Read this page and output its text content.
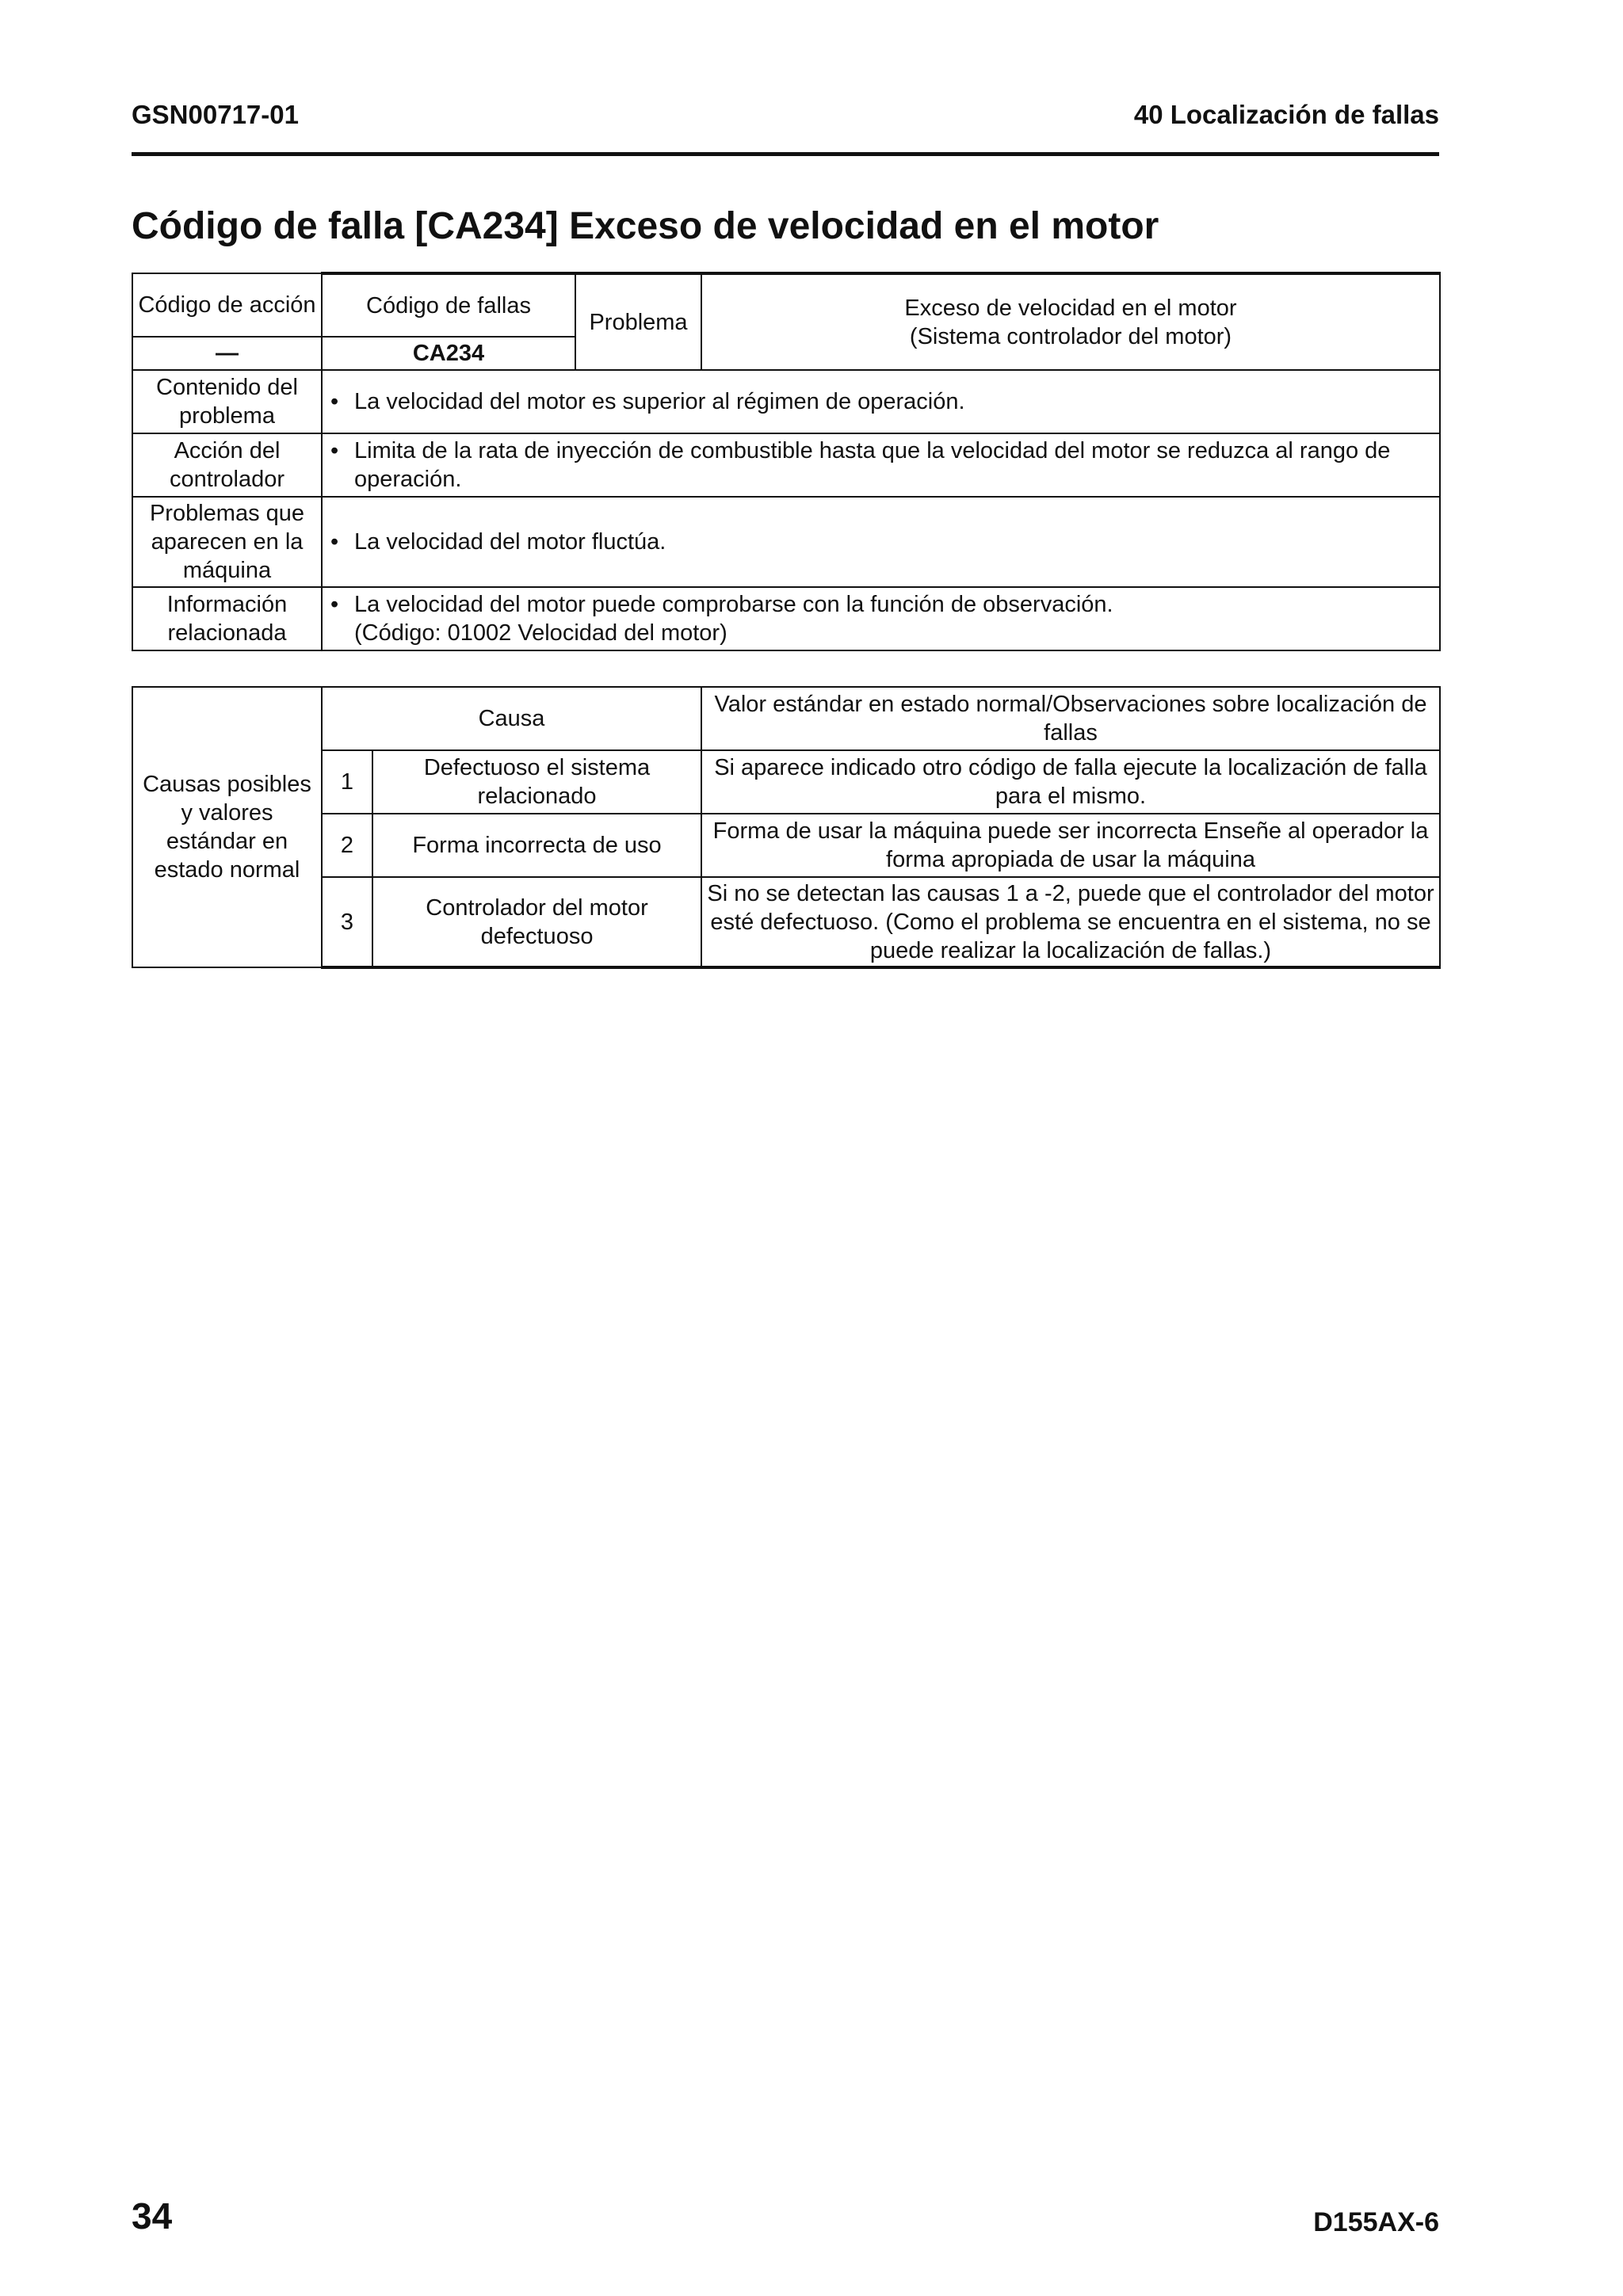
GSN00717-01	40 Localización de fallas
Código de falla [CA234] Exceso de velocidad en el motor
Código de acción	Código de fallas	Problema	Exceso de velocidad en el motor
(Sistema controlador del motor)
—	CA234		
Contenido del problema	• La velocidad del motor es superior al régimen de operación.		
Acción del controlador	• Limita de la rata de inyección de combustible hasta que la velocidad del motor se reduzca al rango de
operación.		

Problemas que aparecen en la máquina	• La velocidad del motor fluctúa.		
Información relacionada	• La velocidad del motor puede comprobarse con la función de observación.
(Código: 01002 Velocidad del motor)		
Causas posibles y valores estándar en estado normal	Causa		Valor estándar en estado normal/Observaciones sobre localización de fallas
	1	Defectuoso el sistema relacionado	Si aparece indicado otro código de falla ejecute la localización de falla para el mismo.
	2	Forma incorrecta de uso	Forma de usar la máquina puede ser incorrecta Enseñe al operador la forma apropiada de usar la máquina
	3	Controlador del motor defectuoso	Si no se detectan las causas 1 a -2, puede que el controlador del motor esté defectuoso. (Como el problema se encuentra en el sistema, no se puede realizar la localización de fallas.)
34	D155AX-6
